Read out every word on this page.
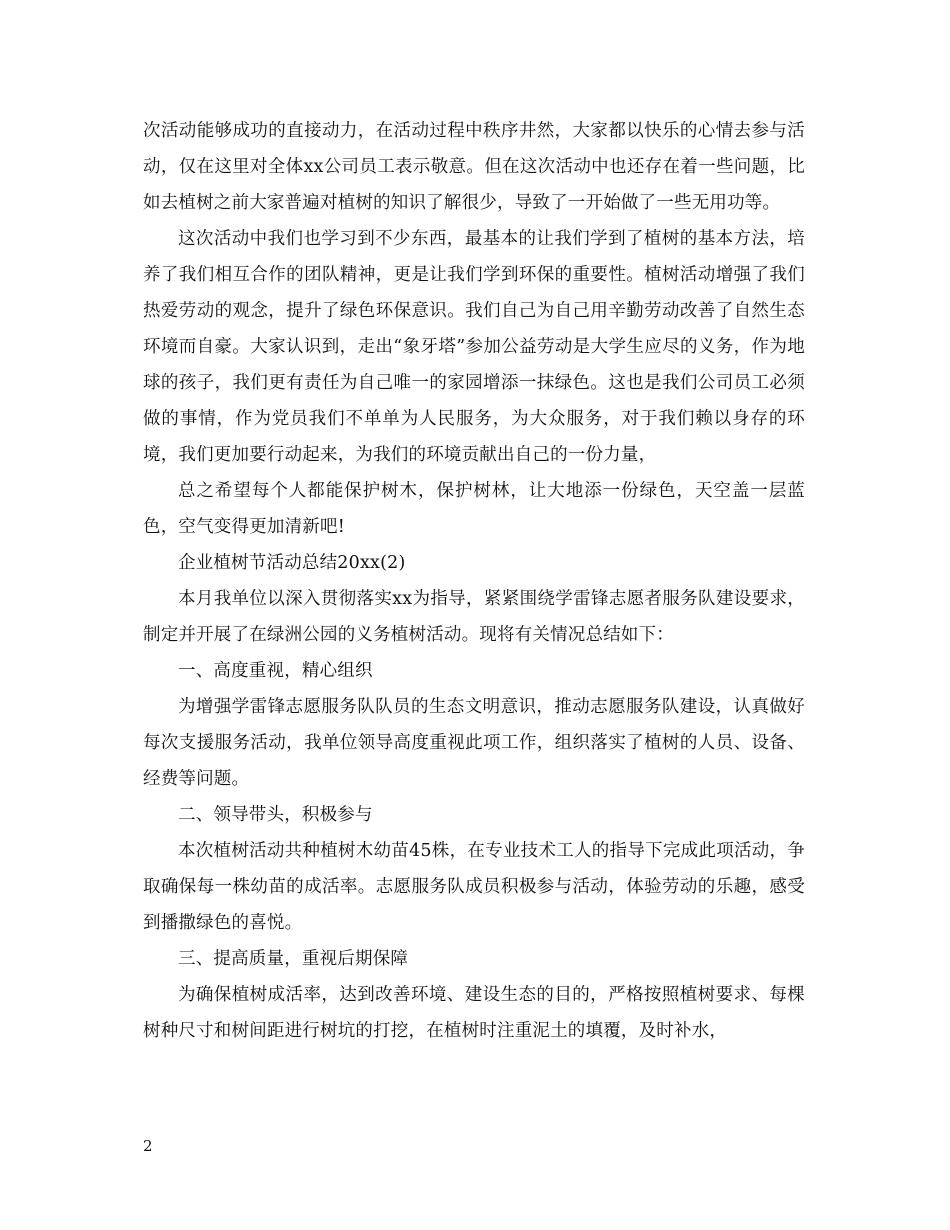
次活动能够成功的直接动力，在活动过程中秩序井然，大家都以快乐的心情去参与活动，仅在这里对全体xx公司员工表示敬意。但在这次活动中也还存在着一些问题，比如去植树之前大家普遍对植树的知识了解很少，导致了一开始做了一些无用功等。

这次活动中我们也学习到不少东西，最基本的让我们学到了植树的基本方法，培养了我们相互合作的团队精神，更是让我们学到环保的重要性。植树活动增强了我们热爱劳动的观念，提升了绿色环保意识。我们自己为自己用辛勤劳动改善了自然生态环境而自豪。大家认识到，走出“象牙塔”参加公益劳动是大学生应尽的义务，作为地球的孩子，我们更有责任为自己唯一的家园增添一抹绿色。这也是我们公司员工必须做的事情，作为党员我们不单单为人民服务，为大众服务，对于我们赖以身存的环境，我们更加要行动起来，为我们的环境贡献出自己的一份力量，

总之希望每个人都能保护树木，保护树林，让大地添一份绿色，天空盖一层蓝色，空气变得更加清新吧!

企业植树节活动总结20xx(2)

本月我单位以深入贯彻落实xx为指导，紧紧围绕学雷锋志愿者服务队建设要求，制定并开展了在绿洲公园的义务植树活动。现将有关情况总结如下：

一、高度重视，精心组织

为增强学雷锋志愿服务队队员的生态文明意识，推动志愿服务队建设，认真做好每次支援服务活动，我单位领导高度重视此项工作，组织落实了植树的人员、设备、经费等问题。

二、领导带头，积极参与

本次植树活动共种植树木幼苗45株，在专业技术工人的指导下完成此项活动，争取确保每一株幼苗的成活率。志愿服务队成员积极参与活动，体验劳动的乐趣，感受到播撒绿色的喜悦。

三、提高质量，重视后期保障

为确保植树成活率，达到改善环境、建设生态的目的，严格按照植树要求、每棵树种尺寸和树间距进行树坑的打挖，在植树时注重泥土的填覆，及时补水，

2
